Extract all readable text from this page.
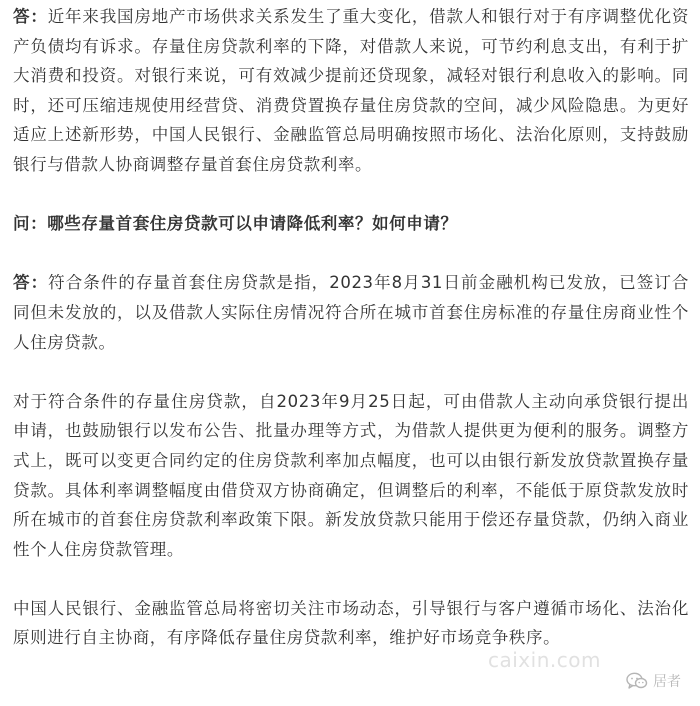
答：近年来我国房地产市场供求关系发生了重大变化，借款人和银行对于有序调整优化资产负债均有诉求。存量住房贷款利率的下降，对借款人来说，可节约利息支出，有利于扩大消费和投资。对银行来说，可有效减少提前还贷现象，减轻对银行利息收入的影响。同时，还可压缩违规使用经营贷、消费贷置换存量住房贷款的空间，减少风险隐患。为更好适应上述新形势，中国人民银行、金融监管总局明确按照市场化、法治化原则，支持鼓励银行与借款人协商调整存量首套住房贷款利率。

问：哪些存量首套住房贷款可以申请降低利率？如何申请？

答：符合条件的存量首套住房贷款是指，2023年8月31日前金融机构已发放，已签订合同但未发放的，以及借款人实际住房情况符合所在城市首套住房标准的存量住房商业性个人住房贷款。

对于符合条件的存量住房贷款，自2023年9月25日起，可由借款人主动向承贷银行提出申请，也鼓励银行以发布公告、批量办理等方式，为借款人提供更为便利的服务。调整方式上，既可以变更合同约定的住房贷款利率加点幅度，也可以由银行新发放贷款置换存量贷款。具体利率调整幅度由借贷双方协商确定，但调整后的利率，不能低于原贷款发放时所在城市的首套住房贷款利率政策下限。新发放贷款只能用于偿还存量贷款，仍纳入商业性个人住房贷款管理。

中国人民银行、金融监管总局将密切关注市场动态，引导银行与客户遵循市场化、法治化原则进行自主协商，有序降低存量住房贷款利率，维护好市场竞争秩序。

caixin.com
居者
